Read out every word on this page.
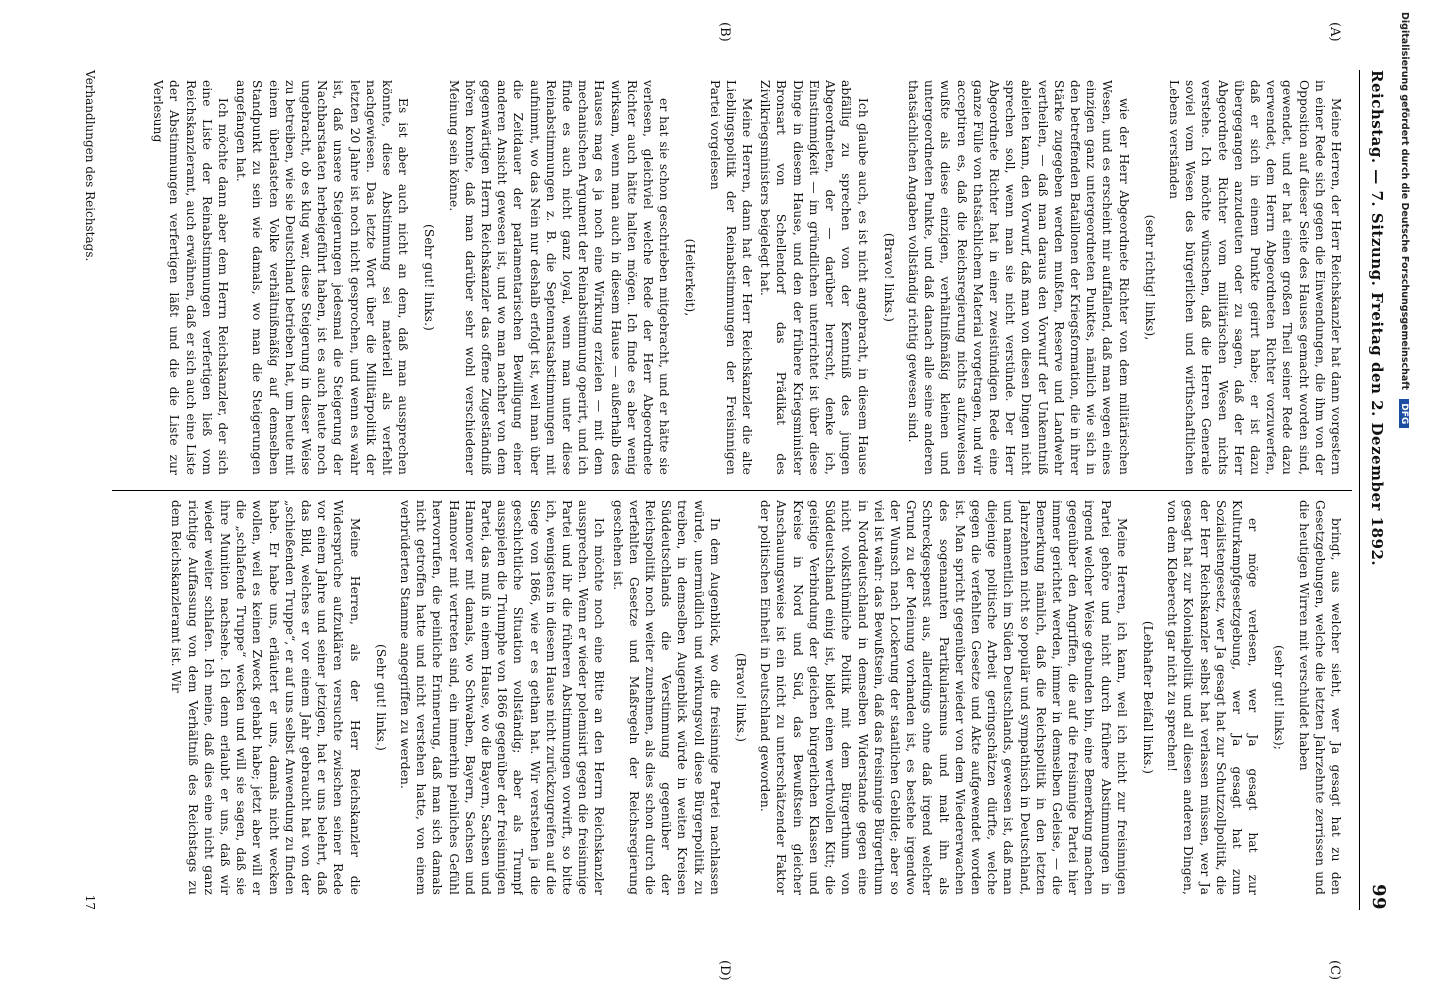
Reichstag. — 7. Sitzung. Freitag den 2. Dezember 1892.
99
(A)
(B)
(C)
(D)

Meine Herren, der Herr Reichskanzler hat dann vorgestern in einer Rede sich gegen die Einwendungen, die ihm von der Opposition auf dieser Seite des Hauses gemacht worden sind, gewendet, und er hat einen großen Theil seiner Rede dazu verwendet, dem Herrn Abgeordneten Richter vorzuwerfen, daß er sich in einem Punkte geirrt habe; er ist dazu übergegangen anzudeuten oder zu sagen, daß der Herr Abgeordnete Richter vom militärischen Wesen nichts verstehe. Ich möchte wünschen, daß die Herren Generale soviel vom Wesen des bürgerlichen und wirthschaftlichen Lebens verständen

(sehr richtig! links),

wie der Herr Abgeordnete Richter von dem militärischen Wesen, und es erscheint mir auffallend, daß man wegen eines einzigen ganz untergeordneten Punktes, nämlich wie sich in den betreffenden Bataillonen der Kriegsformation, die in ihrer Stärke zugegeben werden mußten, Reserve und Landwehr vertheilen, — daß man daraus den Vorwurf der Unkenntniß ableiten kann, den Vorwurf, daß man von diesen Dingen nicht sprechen soll, wenn man sie nicht verstünde. Der Herr Abgeordnete Richter hat in einer zweistündigen Rede eine ganze Fülle von thatsächlichem Material vorgetragen, und wir acceptiren es, daß die Reichsregierung nichts aufzuweisen wußte als diese einzigen, verhältnißmäßig kleinen und untergeordneten Punkte, und daß danach alle seine anderen thatsächlichen Angaben vollständig richtig gewesen sind.

(Bravo! links.)

Ich glaube auch, es ist nicht angebracht, in diesem Hause abfällig zu sprechen von der Kenntniß des jungen Abgeordneten, der — darüber herrscht, denke ich, Einstimmigkeit — im gründlichen unterrichtet ist über diese Dinge in diesem Hause, und den der frühere Kriegsminister Bronsart von Schellendorf das Prädikat des Zivilkriegsministers beigelegt hat.

Meine Herren, dann hat der Herr Reichskanzler die alte Lieblingspolitik der Reinabstimmungen der Freisinnigen Partei vorgelesen

(Heiterkeit),

er hat sie schon geschrieben mitgebracht, und er hätte sie verlesen, gleichviel welche Rede der Herr Abgeordnete Richter auch hätte halten mögen. Ich finde es aber wenig wirksam, wenn man auch in diesem Hause — außerhalb des Hauses mag es ja noch eine Wirkung erzielen — mit dem mechanischen Argument der Reinabstimmung operirt, und ich finde es auch nicht ganz loyal, wenn man unter diese Reinabstimmungen z. B. die Septennatsabstimmungen mit aufnimmt, wo das Nein nur deshalb erfolgt ist, weil man über die Zeitdauer der parlamentarischen Bewilligung einer anderen Ansicht gewesen ist, und wo man nachher von dem gegenwärtigen Herrn Reichskanzler das offene Zugeständniß hören konnte, daß man darüber sehr wohl verschiedener Meinung sein könne.

(Sehr gut! links.)

Es ist aber auch nicht an dem, daß man aussprechen könnte, diese Abstimmung sei materiell als verfehlt nachgewiesen. Das letzte Wort über die Militärpolitik der letzten 20 Jahre ist noch nicht gesprochen, und wenn es wahr ist, daß unsere Steigerungen jedesmal die Steigerung der Nachbarstaaten herbeigeführt haben, ist es auch heute noch ungebracht, ob es klug war, diese Steigerung in dieser Weise zu betreiben, wie sie Deutschland betrieben hat, um heute mit einem überlasteten Volke verhältnißmäßig auf demselben Standpunkt zu sein wie damals, wo man die Steigerungen angefangen hat.

Ich möchte dann aber dem Herrn Reichskanzler, der sich eine Liste der Reinabstimmungen verfertigen ließ vom Reichskanzleramt, auch erwähnen, daß er sich auch eine Liste der Abstimmungen verfertigen läßt und die die Liste zur Verlesung

bringt, aus welcher sieht, wer Ja gesagt hat zu den Gesetzgebungen, welche die letzten Jahrzehnte zerrissen und die heutigen Wirren mit verschuldet haben

(sehr gut! links);

er möge verlesen, wer Ja gesagt hat zur Kulturkampfgesetzgebung, wer Ja gesagt hat zum Sozialistengesetz, wer Ja gesagt hat zur Schutzzollpolitik, die der Herr Reichskanzler selbst hat verlassen müssen, wer Ja gesagt hat zur Kolonialpolitik und all diesen anderen Dingen, von dem Kleberecht gar nicht zu sprechen!

(Lebhafter Beifall links.)

Meine Herren, ich kann, weil ich nicht zur freisinnigen Partei gehöre und nicht durch frühere Abstimmungen in irgend welcher Weise gebunden bin, eine Bemerkung machen gegenüber den Angriffen, die auf die freisinnige Partei hier immer gerichtet werden, immer in demselben Geleise, — die Bemerkung nämlich, daß die Reichspolitik in den letzten Jahrzehnten nicht so populär und sympathisch in Deutschland, und namentlich im Süden Deutschlands, gewesen ist, daß man diejenige politische Arbeit geringschätzen dürfte, welche gegen die verfehlten Gesetze und Akte aufgewendet worden ist. Man spricht gegenüber wieder von dem Wiedererwachen des sogenannten Partikularismus und malt ihn als Schreckgespenst aus, allerdings ohne daß irgend welcher Grund zu der Meinung vorhanden ist, es bestehe irgendwo der Wunsch nach Lockerung der staatlichen Gebilde; aber so viel ist wahr: das Bewußtsein, daß das freisinnige Bürgerthum in Norddeutschland in demselben Widerstande gegen eine nicht volksthümliche Politik mit dem Bürgerthum von Süddeutschland einig ist, bildet einen werthvollen Kitt; die geistige Verbindung der gleichen bürgerlichen Klassen und Kreise in Nord und Süd, das Bewußtsein gleicher Anschauungsweise ist ein nicht zu unterschätzender Faktor der politischen Einheit in Deutschland geworden.

(Bravo! links.)

In dem Augenblick, wo die freisinnige Partei nachlassen würde, unermüdlich und wirkungsvoll diese Bürgerpolitik zu treiben, in demselben Augenblick würde in weiten Kreisen Süddeutschlands die Verstimmung gegenüber der Reichspolitik noch weiter zunehmen, als dies schon durch die verfehlten Gesetze und Maßregeln der Reichsregierung geschehen ist.

Ich möchte noch eine Bitte an den Herrn Reichskanzler aussprechen. Wenn er wieder polemisirt gegen die freisinnige Partei und ihr die früheren Abstimmungen vorwirft, so bitte ich, wenigstens in diesem Hause nicht zurückzugreifen auf die Siege von 1866, wie er es gethan hat. Wir verstehen ja die geschichtliche Situation vollständig; aber als Trumpf ausspielen die Triumphe von 1866 gegenüber der freisinnigen Partei, das muß in einem Hause, wo die Bayern, Sachsen und Hannover mit damals, wo Schwaben, Bayern, Sachsen und Hannover mit vertreten sind, ein immerhin peinliches Gefühl hervorrufen, die peinliche Erinnerung, daß man sich damals nicht getroffen hatte und nicht verstehen hatte, von einem verbrüderten Stamme angegriffen zu werden.

(Sehr gut! links.)

Meine Herren, als der Herr Reichskanzler die Widersprüche aufzuklären versuchte zwischen seiner Rede vor einem Jahre und seiner jetzigen, hat er uns belehrt, daß das Bild, welches er vor einem Jahr gebraucht hat von der „schießenden Truppe“, er auf uns selbst Anwendung zu finden habe. Er habe uns, erläutert er uns, damals nicht wecken wollen, weil es keinen Zweck gehabt habe; jetzt aber will er die „schlafende Truppe“ wecken und will sie sagen, daß sie ihre Munition nachsehe. Ich denn erlaubt er uns, daß wir wieder weiter schlafen. Ich meine, daß dies eine nicht ganz richtige Auffassung von dem Verhältniß des Reichstags zu dem Reichskanzleramt ist. Wir

Verhandlungen des Reichstags.
17
Digitalisierung gefördert durch die Deutsche Forschungsgemeinschaft DFG
